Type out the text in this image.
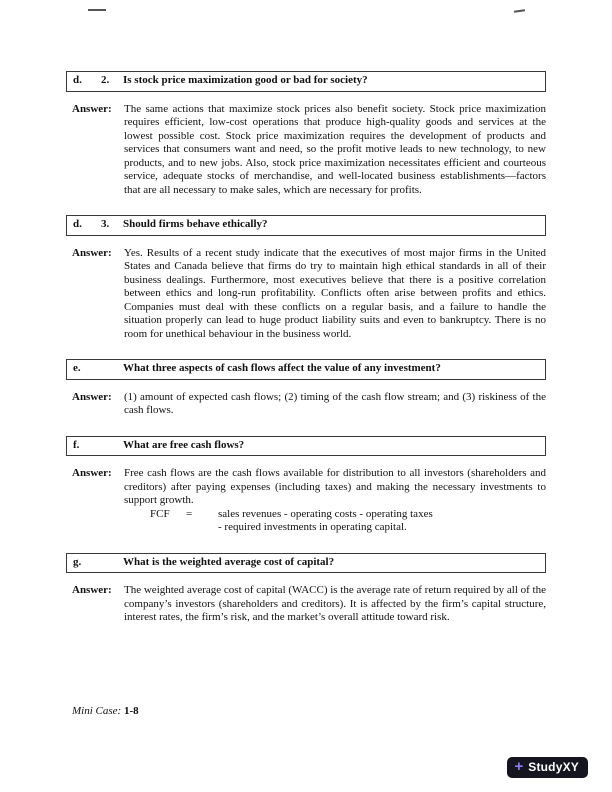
d.	2.	Is stock price maximization good or bad for society?
Answer:	The same actions that maximize stock prices also benefit society. Stock price maximization requires efficient, low-cost operations that produce high-quality goods and services at the lowest possible cost. Stock price maximization requires the development of products and services that consumers want and need, so the profit motive leads to new technology, to new products, and to new jobs. Also, stock price maximization necessitates efficient and courteous service, adequate stocks of merchandise, and well-located business establishments—factors that are all necessary to make sales, which are necessary for profits.
d.	3.	Should firms behave ethically?
Answer:	Yes. Results of a recent study indicate that the executives of most major firms in the United States and Canada believe that firms do try to maintain high ethical standards in all of their business dealings. Furthermore, most executives believe that there is a positive correlation between ethics and long-run profitability. Conflicts often arise between profits and ethics. Companies must deal with these conflicts on a regular basis, and a failure to handle the situation properly can lead to huge product liability suits and even to bankruptcy. There is no room for unethical behaviour in the business world.
e.	What three aspects of cash flows affect the value of any investment?
Answer:	(1) amount of expected cash flows; (2) timing of the cash flow stream; and (3) riskiness of the cash flows.
f.	What are free cash flows?
Answer:	Free cash flows are the cash flows available for distribution to all investors (shareholders and creditors) after paying expenses (including taxes) and making the necessary investments to support growth.

FCF = sales revenues - operating costs - operating taxes
- required investments in operating capital.
g.	What is the weighted average cost of capital?
Answer:	The weighted average cost of capital (WACC) is the average rate of return required by all of the company’s investors (shareholders and creditors). It is affected by the firm’s capital structure, interest rates, the firm’s risk, and the market’s overall attitude toward risk.
Mini Case: 1-8
+ StudyXY
